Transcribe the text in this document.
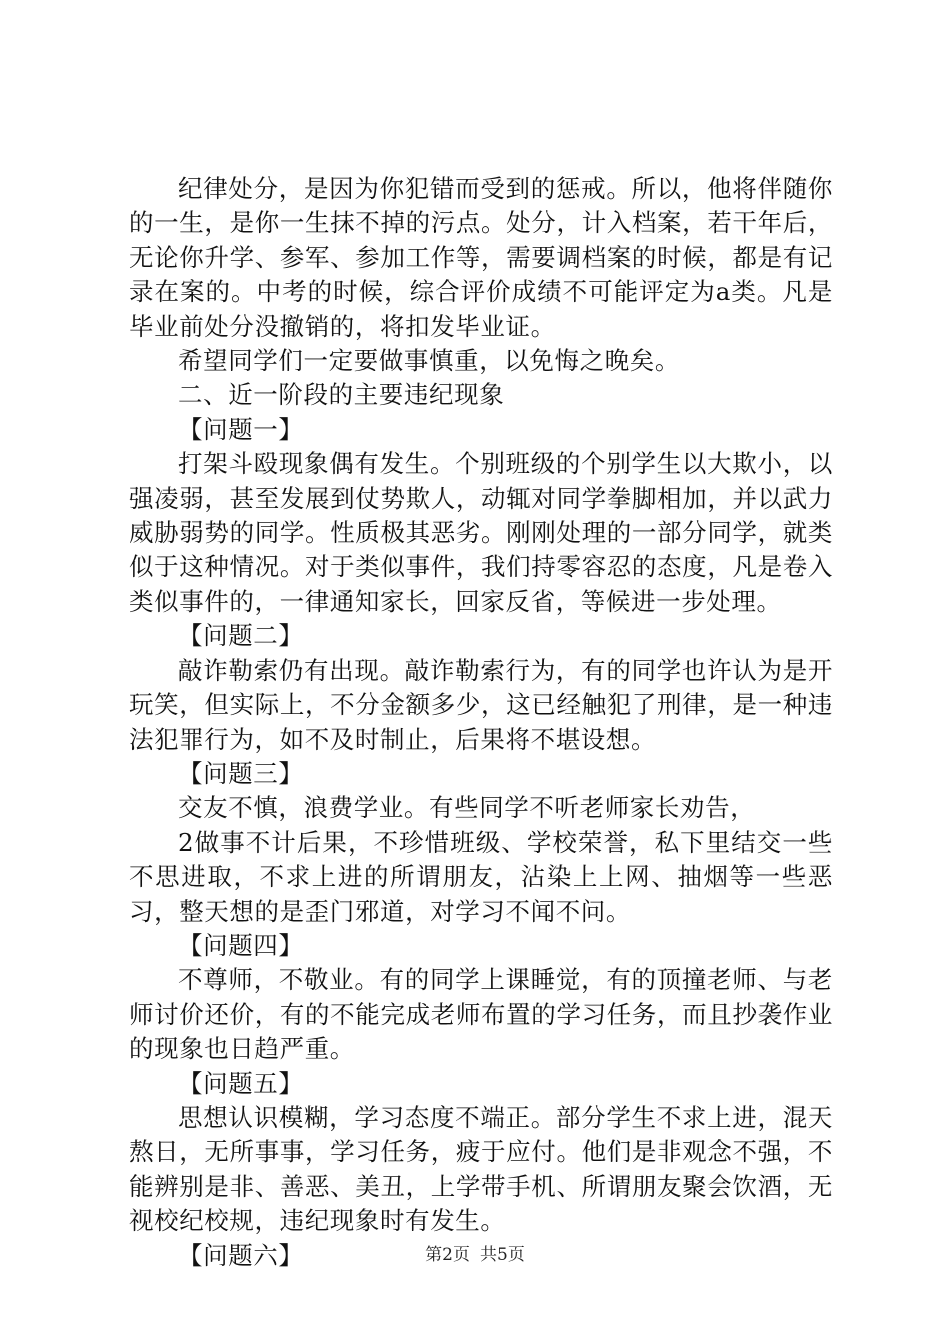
纪律处分，是因为你犯错而受到的惩戒。所以，他将伴随你的一生，是你一生抹不掉的污点。处分，计入档案，若干年后，无论你升学、参军、参加工作等，需要调档案的时候，都是有记录在案的。中考的时候，综合评价成绩不可能评定为a类。凡是毕业前处分没撤销的，将扣发毕业证。

希望同学们一定要做事慎重，以免悔之晚矣。

二、近一阶段的主要违纪现象

【问题一】

打架斗殴现象偶有发生。个别班级的个别学生以大欺小，以强凌弱，甚至发展到仗势欺人，动辄对同学拳脚相加，并以武力威胁弱势的同学。性质极其恶劣。刚刚处理的一部分同学，就类似于这种情况。对于类似事件，我们持零容忍的态度，凡是卷入类似事件的，一律通知家长，回家反省，等候进一步处理。

【问题二】

敲诈勒索仍有出现。敲诈勒索行为，有的同学也许认为是开玩笑，但实际上，不分金额多少，这已经触犯了刑律，是一种违法犯罪行为，如不及时制止，后果将不堪设想。

【问题三】

交友不慎，浪费学业。有些同学不听老师家长劝告，

2做事不计后果，不珍惜班级、学校荣誉，私下里结交一些不思进取，不求上进的所谓朋友，沾染上上网、抽烟等一些恶习，整天想的是歪门邪道，对学习不闻不问。

【问题四】

不尊师，不敬业。有的同学上课睡觉，有的顶撞老师、与老师讨价还价，有的不能完成老师布置的学习任务，而且抄袭作业的现象也日趋严重。

【问题五】

思想认识模糊，学习态度不端正。部分学生不求上进，混天熬日，无所事事，学习任务，疲于应付。他们是非观念不强，不能辨别是非、善恶、美丑，上学带手机、所谓朋友聚会饮酒，无视校纪校规，违纪现象时有发生。

【问题六】	第2页 共5页
